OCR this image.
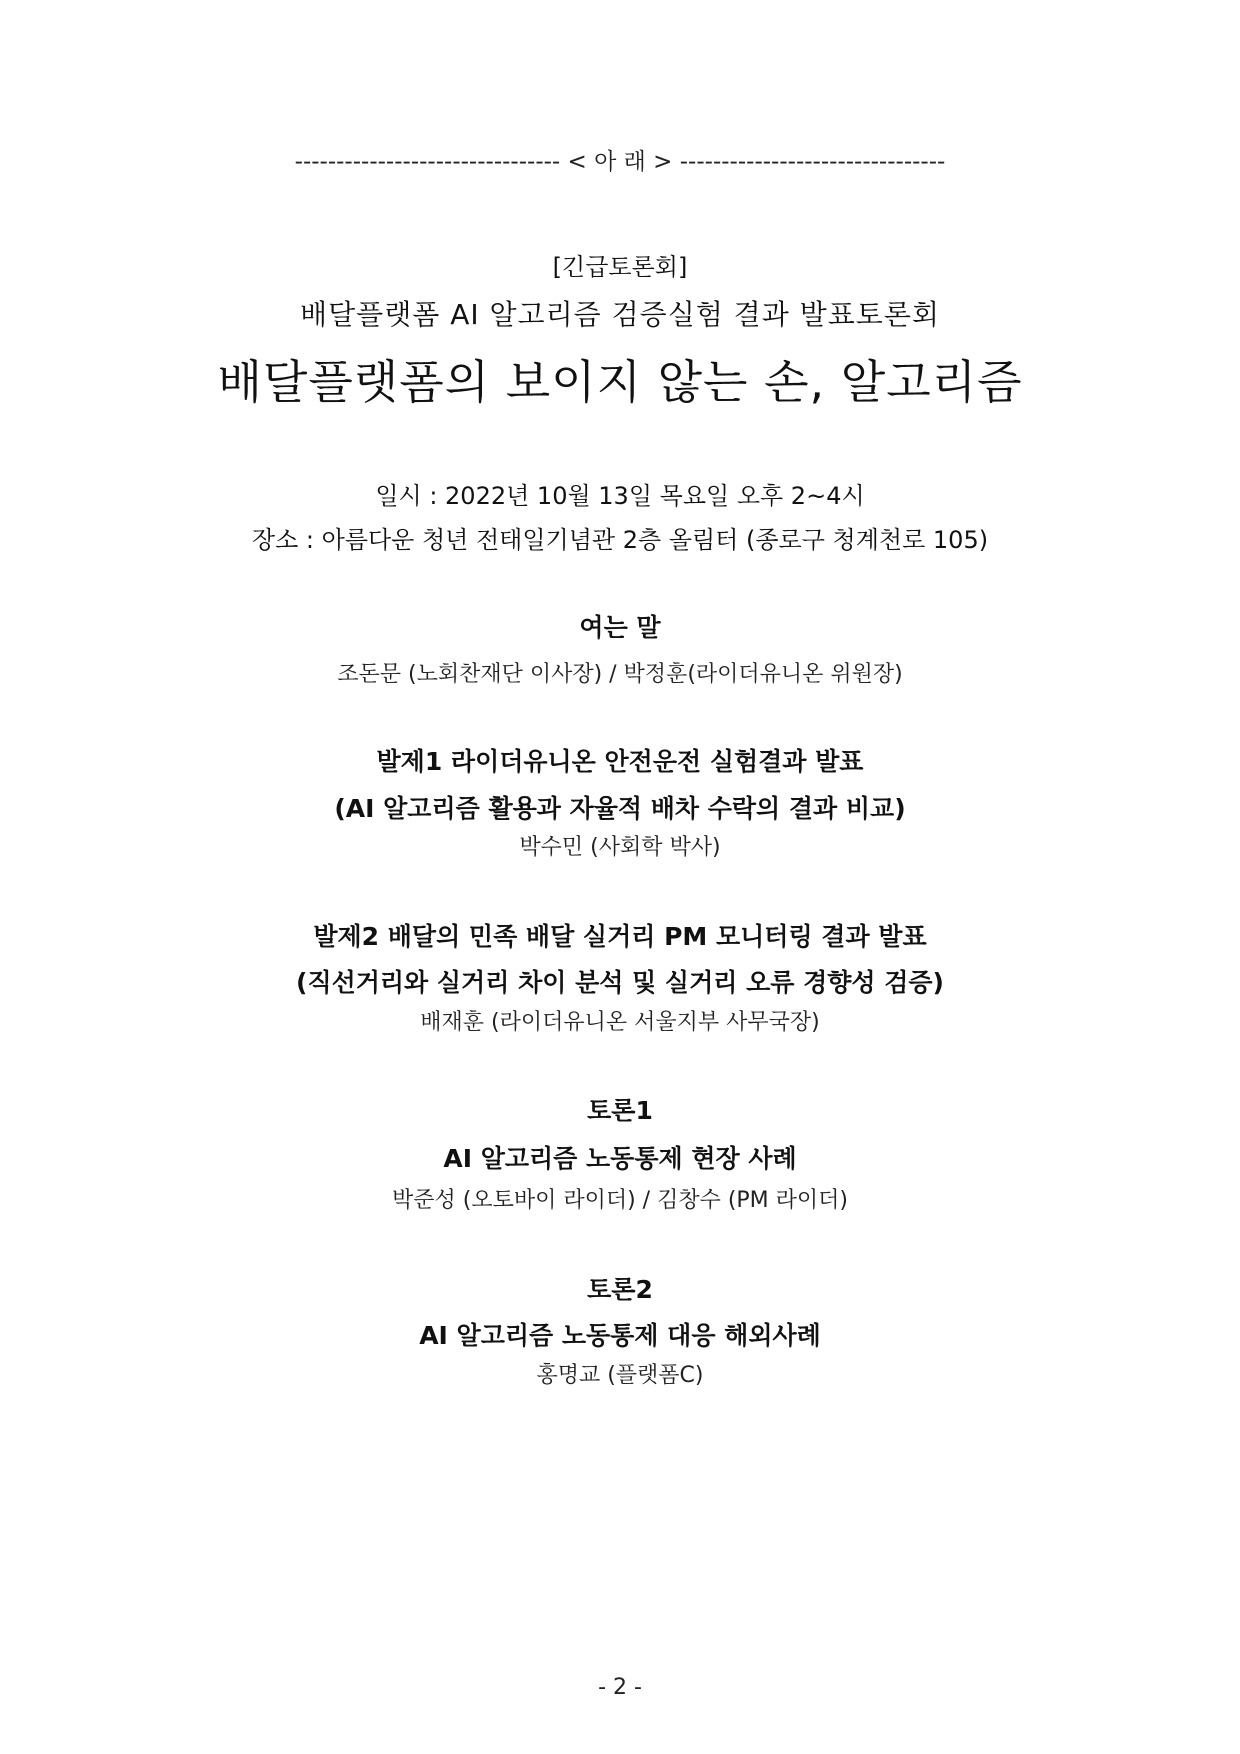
-------------------------------- < 아 래 > --------------------------------
[긴급토론회]
배달플랫폼 AI 알고리즘 검증실험 결과 발표토론회
배달플랫폼의 보이지 않는 손, 알고리즘
일시 : 2022년 10월 13일 목요일 오후 2~4시
장소 : 아름다운 청년 전태일기념관 2층 올림터 (종로구 청계천로 105)
여는 말
조돈문 (노회찬재단 이사장) / 박정훈(라이더유니온 위원장)
발제1 라이더유니온 안전운전 실험결과 발표
(AI 알고리즘 활용과 자율적 배차 수락의 결과 비교)
박수민 (사회학 박사)
발제2 배달의 민족 배달 실거리 PM 모니터링 결과 발표
(직선거리와 실거리 차이 분석 및 실거리 오류 경향성 검증)
배재훈 (라이더유니온 서울지부 사무국장)
토론1
AI 알고리즘 노동통제 현장 사례
박준성 (오토바이 라이더) / 김창수 (PM 라이더)
토론2
AI 알고리즘 노동통제 대응 해외사례
홍명교 (플랫폼C)
- 2 -
